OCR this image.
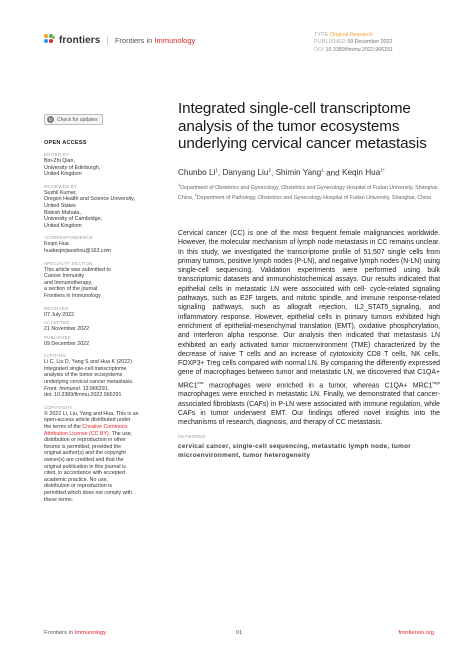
frontiers | Frontiers in Immunology
TYPE Original Research
PUBLISHED 09 December 2022
DOI 10.3389/fimmu.2022.966291
↻ Check for updates
OPEN ACCESS
EDITED BY
Bin-Zhi Qian,
University of Edinburgh,
United Kingdom
REVIEWED BY
Sushil Kumar,
Oregon Health and Science University,
United States
Bidesh Mahata,
University of Cambridge,
United Kingdom
*CORRESPONDENCE
Keqin Hua
huakeqinjiaoshou@163.com
SPECIALTY SECTION
This article was submitted to
Cancer Immunity
and Immunotherapy,
a section of the journal
Frontiers in Immunology
RECEIVED
07 July 2022
ACCEPTED
21 November 2022
PUBLISHED
09 December 2022
CITATION
Li C, Liu D, Yang S and Hua K (2022)
Integrated single-cell transcriptome
analysis of the tumor ecosystems
underlying cervical cancer metastasis.
Front. Immunol. 13:966291.
doi: 10.3389/fimmu.2022.966291
COPYRIGHT
© 2022 Li, Liu, Yang and Hua. This is an
open-access article distributed under
the terms of the Creative Commons
Attribution License (CC BY). The use,
distribution or reproduction in other
forums is permitted, provided the
original author(s) and the copyright
owner(s) are credited and that the
original publication in this journal is
cited, in accordance with accepted
academic practice. No use,
distribution or reproduction is
permitted which does not comply with
these terms.
Integrated single-cell transcriptome analysis of the tumor ecosystems underlying cervical cancer metastasis
Chunbo Li$^1$, Danyang Liu$^2$, Shimin Yang$^1$ and Keqin Hua$^{1*}$
$^1$Department of Obstetrics and Gynecology, Obstetrics and Gynecology Hospital of Fudan University, Shanghai, China, $^2$Department of Pathology, Obstetrics and Gynecology Hospital of Fudan University, Shanghai, China

Cervical cancer (CC) is one of the most frequent female malignancies worldwide. However, the molecular mechanism of lymph node metastasis in CC remains unclear. In this study, we investigated the transcriptome profile of 51,507 single cells from primary tumors, positive lymph nodes (P-LN), and negative lymph nodes (N-LN) using single-cell sequencing. Validation experiments were performed using bulk transcriptomic datasets and immunohistochemical assays. Our results indicated that epithelial cells in metastatic LN were associated with cell- cycle-related signaling pathways, such as E2F targets, and mitotic spindle, and immune response-related signaling pathways, such as allograft rejection, IL2_STAT5_signaling, and inflammatory response. However, epithelial cells in primary tumors exhibited high enrichment of epithelial-mesenchymal translation (EMT), oxidative phosphorylation, and interferon alpha response. Our analysis then indicated that metastasis LN exhibited an early activated tumor microenvironment (TME) characterized by the decrease of naive T cells and an increase of cytotoxicity CD8 T cells, NK cells, FOXP3+ Treg cells compared with normal LN. By comparing the differently expressed gene of macrophages between tumor and metastatic LN, we discovered that $C1QA+ MRC1^{low}$ macrophages were enriched in a tumor, whereas $C1QA+ MRC1^{high}$ macrophages were enriched in metastatic LN. Finally, we demonstrated that cancer-associated fibroblasts (CAFs) in P-LN were associated with immune regulation, while CAFs in tumor underwent EMT. Our findings offered novel insights into the mechanisms of research, diagnosis, and therapy of CC metastasis.

KEYWORDS
cervical cancer, single-cell sequencing, metastatic lymph node, tumor microenvironment, tumor heterogeneity
Frontiers in Immunology	01	frontiersin.org
